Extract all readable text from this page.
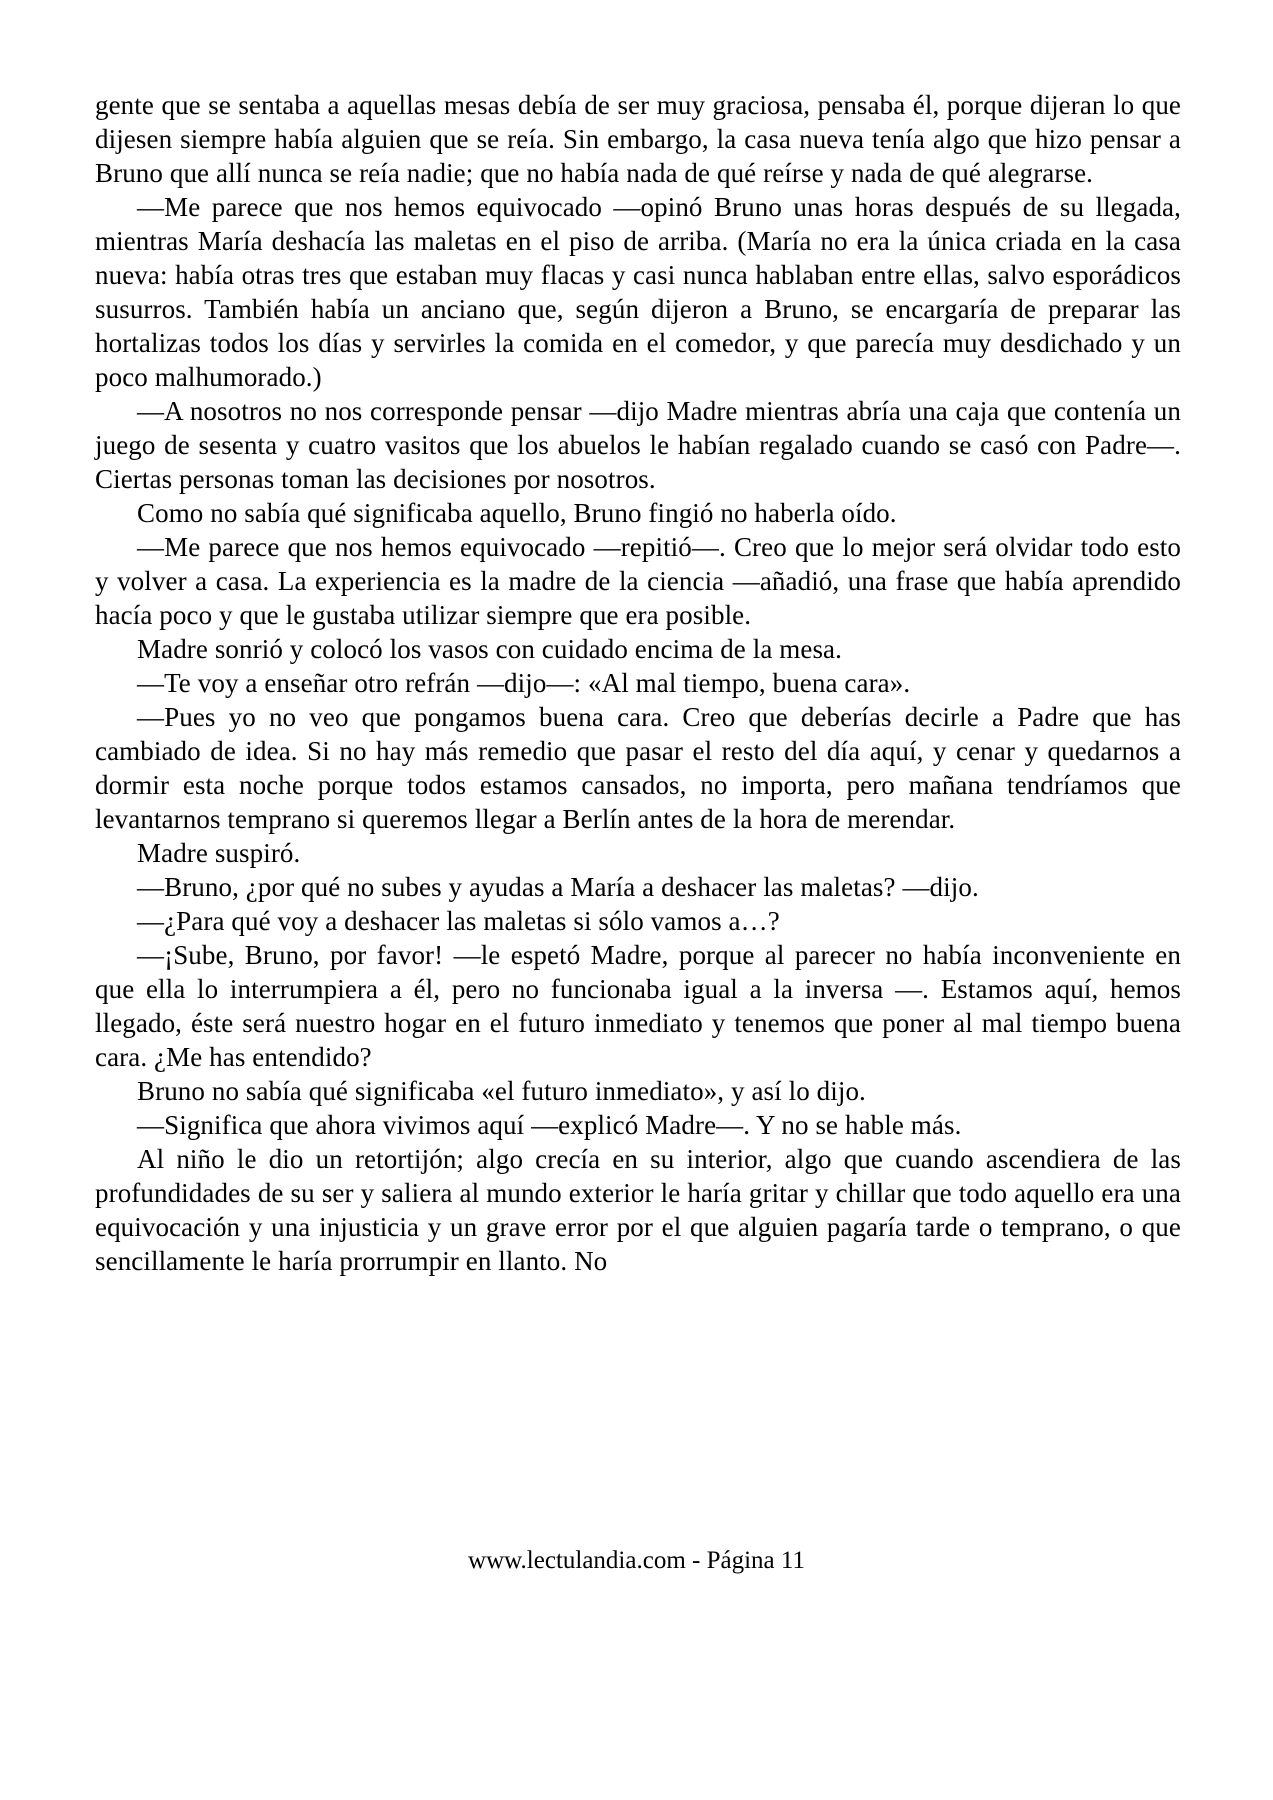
gente que se sentaba a aquellas mesas debía de ser muy graciosa, pensaba él, porque dijeran lo que dijesen siempre había alguien que se reía. Sin embargo, la casa nueva tenía algo que hizo pensar a Bruno que allí nunca se reía nadie; que no había nada de qué reírse y nada de qué alegrarse.

—Me parece que nos hemos equivocado —opinó Bruno unas horas después de su llegada, mientras María deshacía las maletas en el piso de arriba. (María no era la única criada en la casa nueva: había otras tres que estaban muy flacas y casi nunca hablaban entre ellas, salvo esporádicos susurros. También había un anciano que, según dijeron a Bruno, se encargaría de preparar las hortalizas todos los días y servirles la comida en el comedor, y que parecía muy desdichado y un poco malhumorado.)

—A nosotros no nos corresponde pensar —dijo Madre mientras abría una caja que contenía un juego de sesenta y cuatro vasitos que los abuelos le habían regalado cuando se casó con Padre—. Ciertas personas toman las decisiones por nosotros.

Como no sabía qué significaba aquello, Bruno fingió no haberla oído.

—Me parece que nos hemos equivocado —repitió—. Creo que lo mejor será olvidar todo esto y volver a casa. La experiencia es la madre de la ciencia —añadió, una frase que había aprendido hacía poco y que le gustaba utilizar siempre que era posible.

Madre sonrió y colocó los vasos con cuidado encima de la mesa.

—Te voy a enseñar otro refrán —dijo—: «Al mal tiempo, buena cara».

—Pues yo no veo que pongamos buena cara. Creo que deberías decirle a Padre que has cambiado de idea. Si no hay más remedio que pasar el resto del día aquí, y cenar y quedarnos a dormir esta noche porque todos estamos cansados, no importa, pero mañana tendríamos que levantarnos temprano si queremos llegar a Berlín antes de la hora de merendar.

Madre suspiró.

—Bruno, ¿por qué no subes y ayudas a María a deshacer las maletas? —dijo.

—¿Para qué voy a deshacer las maletas si sólo vamos a…?

—¡Sube, Bruno, por favor! —le espetó Madre, porque al parecer no había inconveniente en que ella lo interrumpiera a él, pero no funcionaba igual a la inversa —. Estamos aquí, hemos llegado, éste será nuestro hogar en el futuro inmediato y tenemos que poner al mal tiempo buena cara. ¿Me has entendido?

Bruno no sabía qué significaba «el futuro inmediato», y así lo dijo.

—Significa que ahora vivimos aquí —explicó Madre—. Y no se hable más.

Al niño le dio un retortijón; algo crecía en su interior, algo que cuando ascendiera de las profundidades de su ser y saliera al mundo exterior le haría gritar y chillar que todo aquello era una equivocación y una injusticia y un grave error por el que alguien pagaría tarde o temprano, o que sencillamente le haría prorrumpir en llanto. No

www.lectulandia.com - Página 11
